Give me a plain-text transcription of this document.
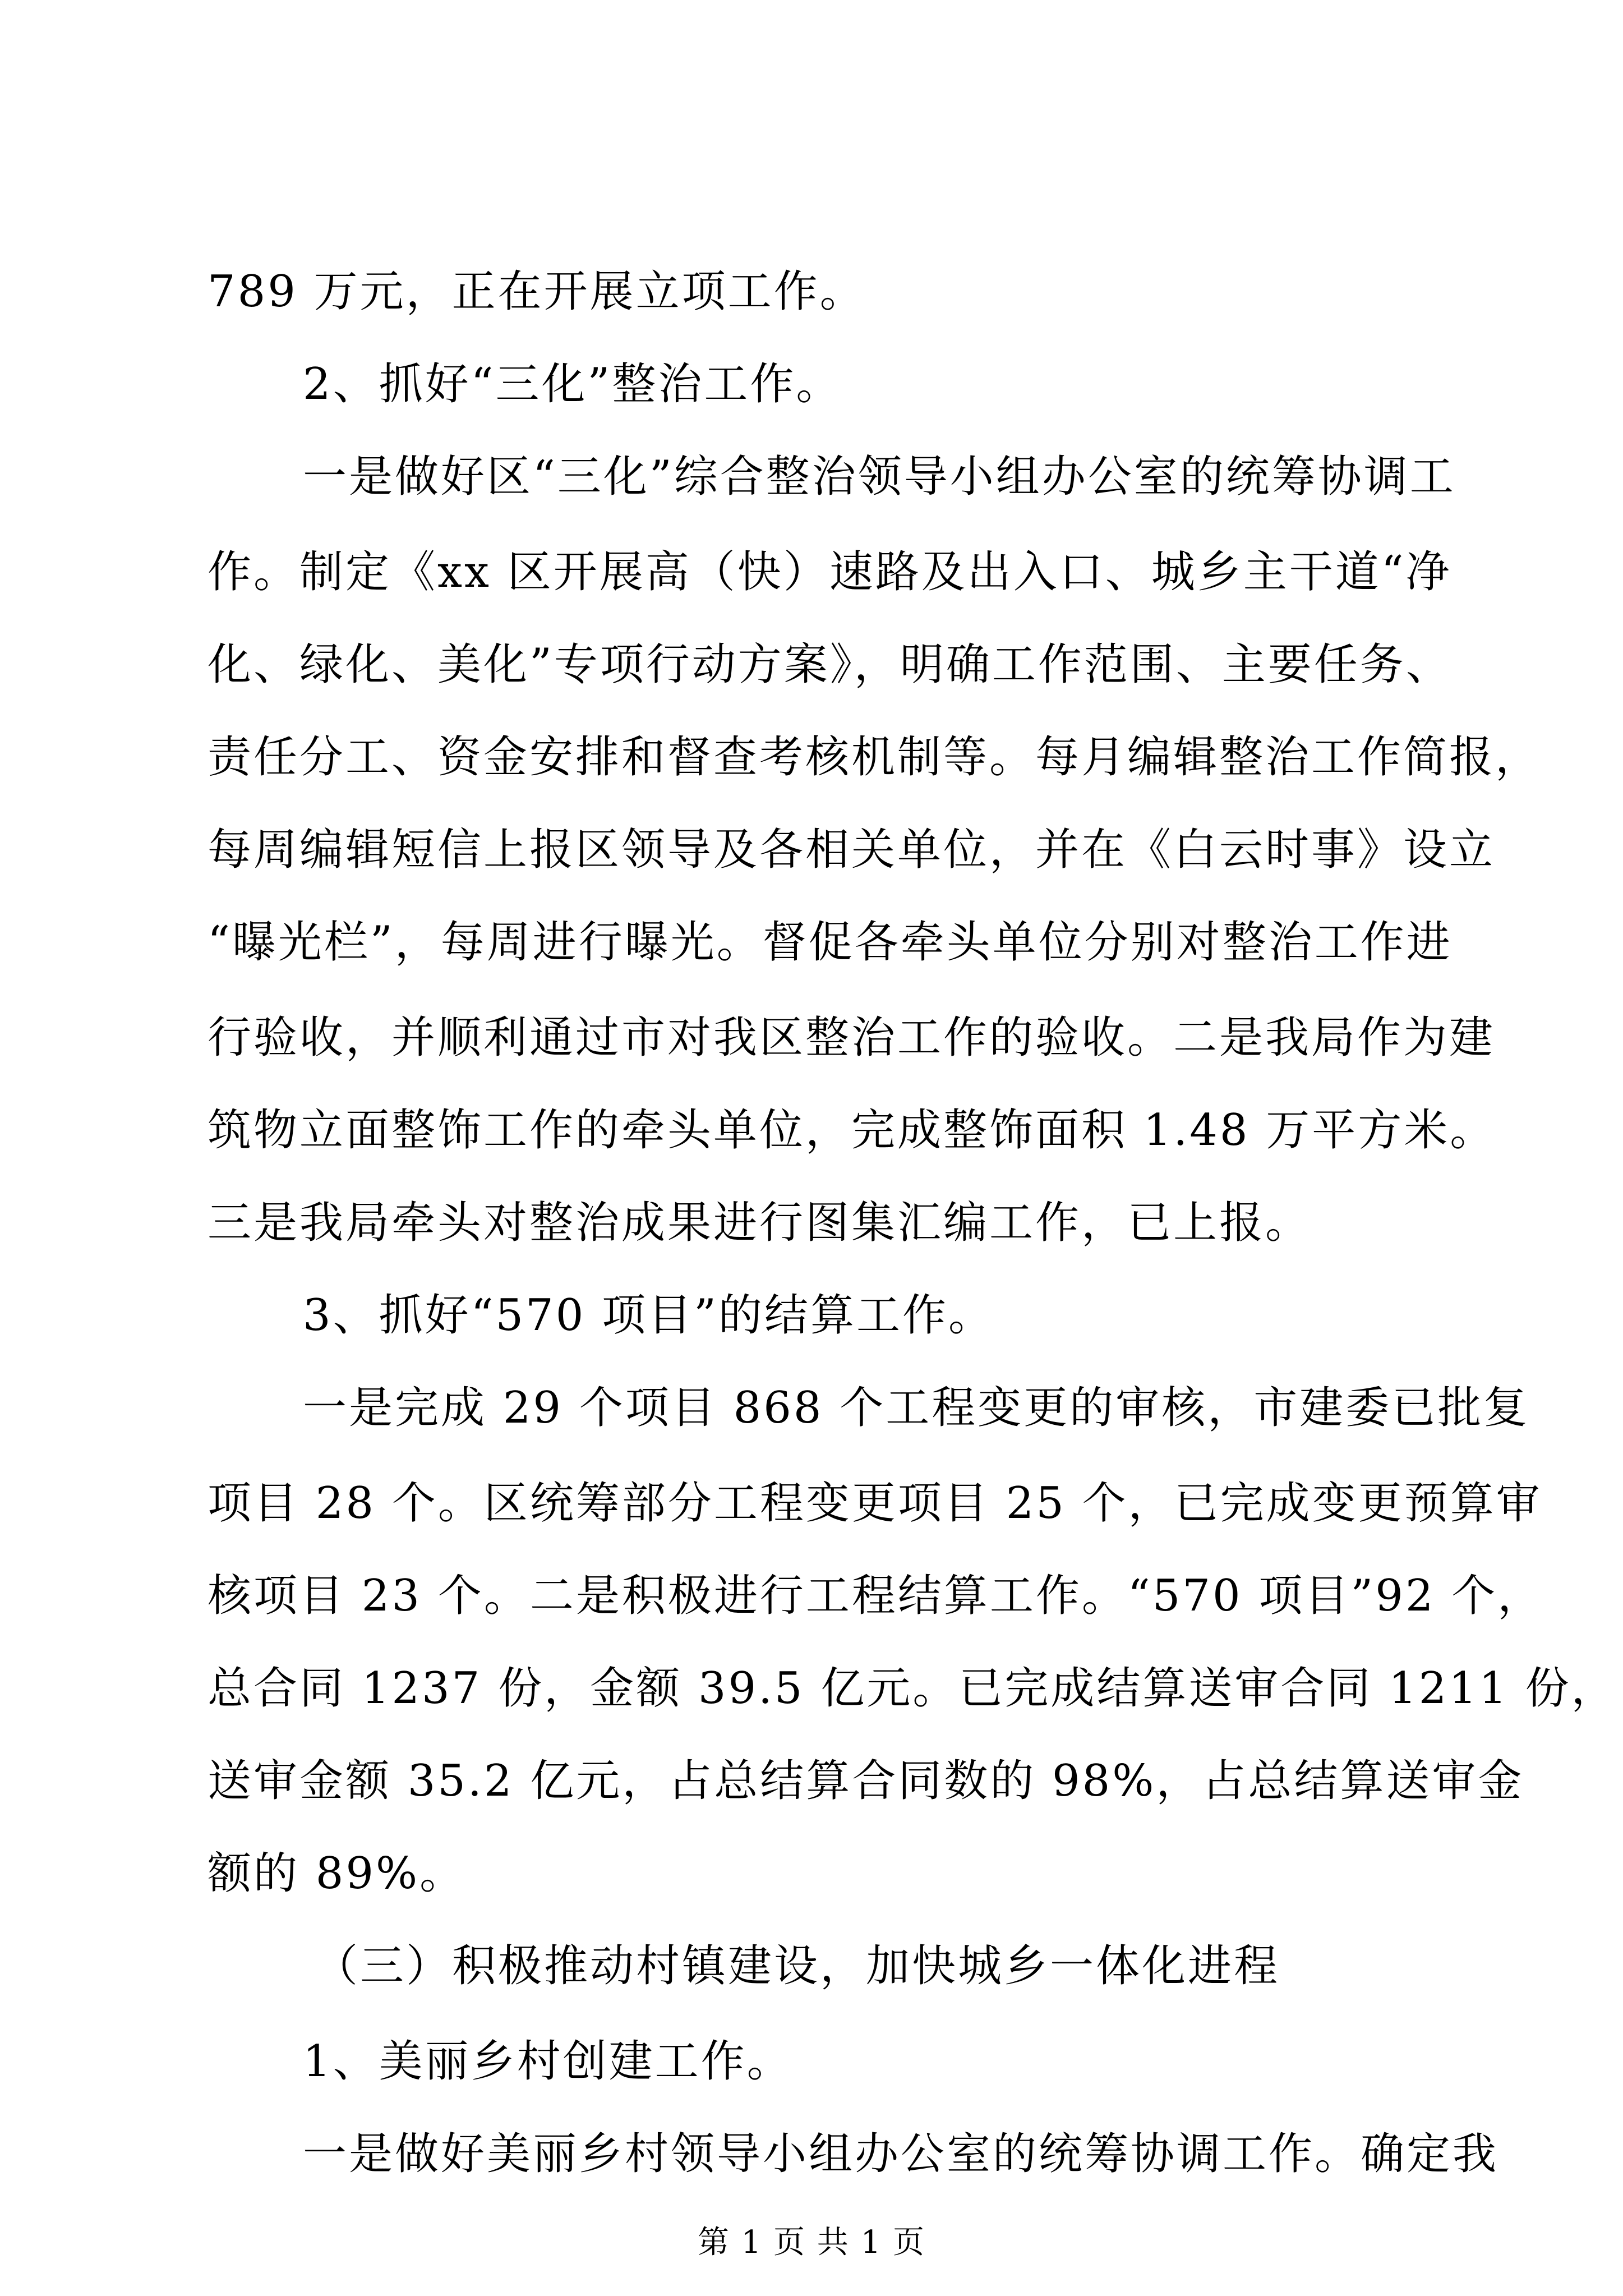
789 万元，正在开展立项工作。
2、抓好“三化”整治工作。
一是做好区“三化”综合整治领导小组办公室的统筹协调工
作。制定《xx 区开展高（快）速路及出入口、城乡主干道“净
化、绿化、美化”专项行动方案》，明确工作范围、主要任务、
责任分工、资金安排和督查考核机制等。每月编辑整治工作简报，
每周编辑短信上报区领导及各相关单位，并在《白云时事》设立
“曝光栏”，每周进行曝光。督促各牵头单位分别对整治工作进
行验收，并顺利通过市对我区整治工作的验收。二是我局作为建
筑物立面整饰工作的牵头单位，完成整饰面积 1.48 万平方米。
三是我局牵头对整治成果进行图集汇编工作，已上报。
3、抓好“570 项目”的结算工作。
一是完成 29 个项目 868 个工程变更的审核，市建委已批复
项目 28 个。区统筹部分工程变更项目 25 个，已完成变更预算审
核项目 23 个。二是积极进行工程结算工作。“570 项目”92 个，
总合同 1237 份，金额 39.5 亿元。已完成结算送审合同 1211 份，
送审金额 35.2 亿元，占总结算合同数的 98%，占总结算送审金
额的 89%。
（三）积极推动村镇建设，加快城乡一体化进程
1、美丽乡村创建工作。
一是做好美丽乡村领导小组办公室的统筹协调工作。确定我
第 1 页 共 1 页
